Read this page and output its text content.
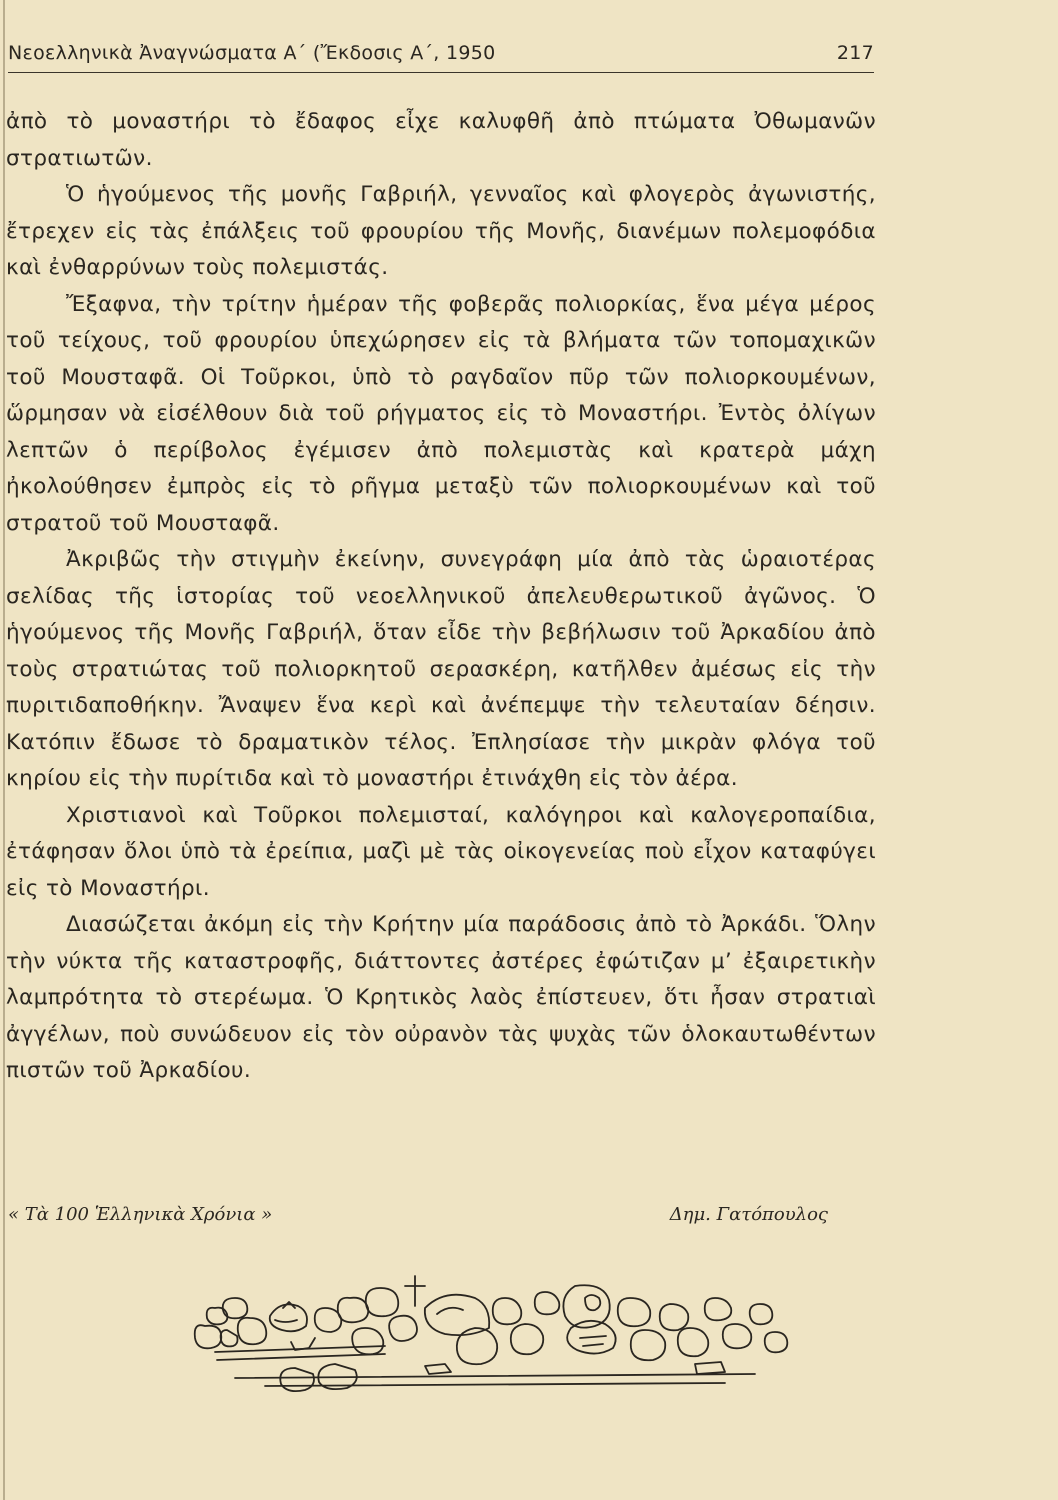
Νεοελληνικὰ Ἀναγνώσματα Α΄ (Ἔκδοσις Α΄, 1950	217

ἀπὸ τὸ μοναστήρι τὸ ἔδαφος εἶχε καλυφθῆ ἀπὸ πτώματα Ὀθωμανῶν στρατιωτῶν.

Ὁ ἡγούμενος τῆς μονῆς Γαβριήλ, γενναῖος καὶ φλογερὸς ἀγωνιστής, ἔτρεχεν εἰς τὰς ἐπάλξεις τοῦ φρουρίου τῆς Μονῆς, διανέμων πολεμοφόδια καὶ ἐνθαρρύνων τοὺς πολεμιστάς.

Ἔξαφνα, τὴν τρίτην ἡμέραν τῆς φοβερᾶς πολιορκίας, ἕνα μέγα μέρος τοῦ τείχους, τοῦ φρουρίου ὑπεχώρησεν εἰς τὰ βλήματα τῶν τοπομαχικῶν τοῦ Μουσταφᾶ. Οἱ Τοῦρκοι, ὑπὸ τὸ ραγδαῖον πῦρ τῶν πολιορκουμένων, ὥρμησαν νὰ εἰσέλθουν διὰ τοῦ ρήγματος εἰς τὸ Μοναστήρι. Ἐντὸς ὀλίγων λεπτῶν ὁ περίβολος ἐγέμισεν ἀπὸ πολεμιστὰς καὶ κρατερὰ μάχη ἠκολούθησεν ἐμπρὸς εἰς τὸ ρῆγμα μεταξὺ τῶν πολιορκουμένων καὶ τοῦ στρατοῦ τοῦ Μουσταφᾶ.

Ἀκριβῶς τὴν στιγμὴν ἐκείνην, συνεγράφη μία ἀπὸ τὰς ὡραιοτέρας σελίδας τῆς ἱστορίας τοῦ νεοελληνικοῦ ἀπελευθερωτικοῦ ἀγῶνος. Ὁ ἡγούμενος τῆς Μονῆς Γαβριήλ, ὅταν εἶδε τὴν βεβήλωσιν τοῦ Ἀρκαδίου ἀπὸ τοὺς στρατιώτας τοῦ πολιορκητοῦ σερασκέρη, κατῆλθεν ἀμέσως εἰς τὴν πυριτιδαποθήκην. Ἄναψεν ἕνα κερὶ καὶ ἀνέπεμψε τὴν τελευταίαν δέησιν. Κατόπιν ἔδωσε τὸ δραματικὸν τέλος. Ἐπλησίασε τὴν μικρὰν φλόγα τοῦ κηρίου εἰς τὴν πυρίτιδα καὶ τὸ μοναστήρι ἐτινάχθη εἰς τὸν ἀέρα.

Χριστιανοὶ καὶ Τοῦρκοι πολεμισταί, καλόγηροι καὶ καλογεροπαίδια, ἐτάφησαν ὅλοι ὑπὸ τὰ ἐρείπια, μαζὶ μὲ τὰς οἰκογενείας ποὺ εἶχον καταφύγει εἰς τὸ Μοναστήρι.

Διασώζεται ἀκόμη εἰς τὴν Κρήτην μία παράδοσις ἀπὸ τὸ Ἀρκάδι. Ὅλην τὴν νύκτα τῆς καταστροφῆς, διάττοντες ἀστέρες ἐφώτιζαν μ’ ἐξαιρετικὴν λαμπρότητα τὸ στερέωμα. Ὁ Κρητικὸς λαὸς ἐπίστευεν, ὅτι ἦσαν στρατιαὶ ἀγγέλων, ποὺ συνώδευον εἰς τὸν οὐρανὸν τὰς ψυχὰς τῶν ὁλοκαυτωθέντων πιστῶν τοῦ Ἀρκαδίου.

« Τὰ 100 Ἑλληνικὰ Χρόνια »	Δημ. Γατόπουλος
